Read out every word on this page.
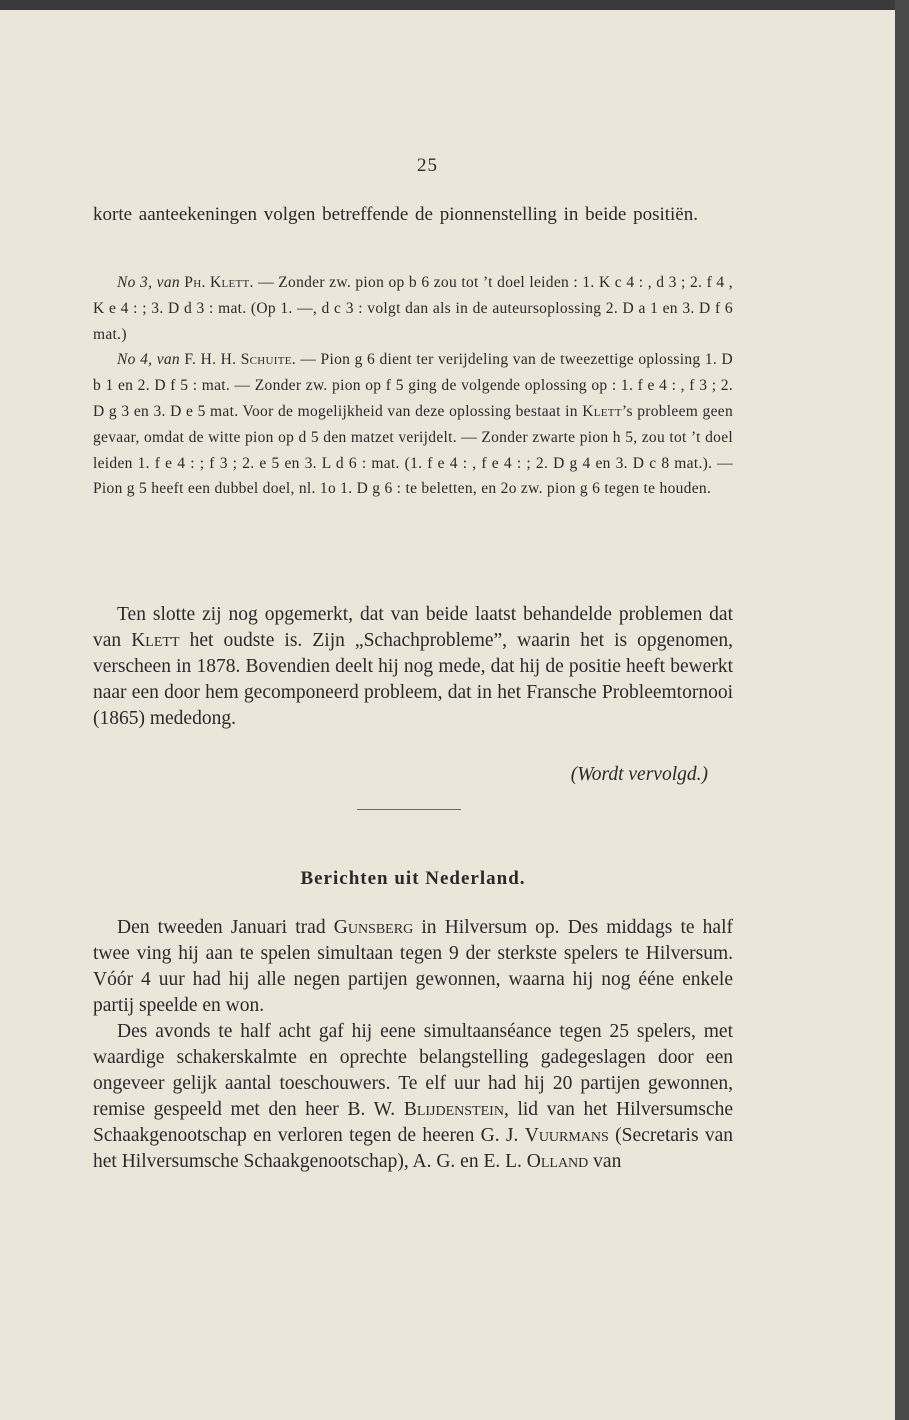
25
korte aanteekeningen volgen betreffende de pionnenstelling in beide positiën.

No 3, van Ph. Klett. — Zonder zw. pion op b 6 zou tot ’t doel leiden : 1. K c 4 : , d 3 ; 2. f 4 , K e 4 : ; 3. D d 3 : mat. (Op 1. —, d c 3 : volgt dan als in de auteursoplossing 2. D a 1 en 3. D f 6 mat.)

No 4, van F. H. H. Schuite. — Pion g 6 dient ter verijdeling van de tweezettige oplossing 1. D b 1 en 2. D f 5 : mat. — Zonder zw. pion op f 5 ging de volgende oplossing op : 1. f e 4 : , f 3 ; 2. D g 3 en 3. D e 5 mat. Voor de mogelijkheid van deze oplossing bestaat in Klett’s probleem geen gevaar, omdat de witte pion op d 5 den matzet verijdelt. — Zonder zwarte pion h 5, zou tot ’t doel leiden 1. f e 4 : ; f 3 ; 2. e 5 en 3. L d 6 : mat. (1. f e 4 : , f e 4 : ; 2. D g 4 en 3. D c 8 mat.). — Pion g 5 heeft een dubbel doel, nl. 1o 1. D g 6 : te beletten, en 2o zw. pion g 6 tegen te houden.

Ten slotte zij nog opgemerkt, dat van beide laatst behandelde problemen dat van Klett het oudste is. Zijn „Schachprobleme”, waarin het is opgenomen, verscheen in 1878. Bovendien deelt hij nog mede, dat hij de positie heeft bewerkt naar een door hem gecomponeerd probleem, dat in het Fransche Probleemtornooi (1865) mededong.

(Wordt vervolgd.)
Berichten uit Nederland.

Den tweeden Januari trad Gunsberg in Hilversum op. Des middags te half twee ving hij aan te spelen simultaan tegen 9 der sterkste spelers te Hilversum. Vóór 4 uur had hij alle negen partijen gewonnen, waarna hij nog ééne enkele partij speelde en won.

Des avonds te half acht gaf hij eene simultaanséance tegen 25 spelers, met waardige schakerskalmte en oprechte belangstelling gadegeslagen door een ongeveer gelijk aantal toeschouwers. Te elf uur had hij 20 partijen gewonnen, remise gespeeld met den heer B. W. Blijdenstein, lid van het Hilversumsche Schaakgenootschap en verloren tegen de heeren G. J. Vuurmans (Secretaris van het Hilversumsche Schaakgenootschap), A. G. en E. L. Olland van
